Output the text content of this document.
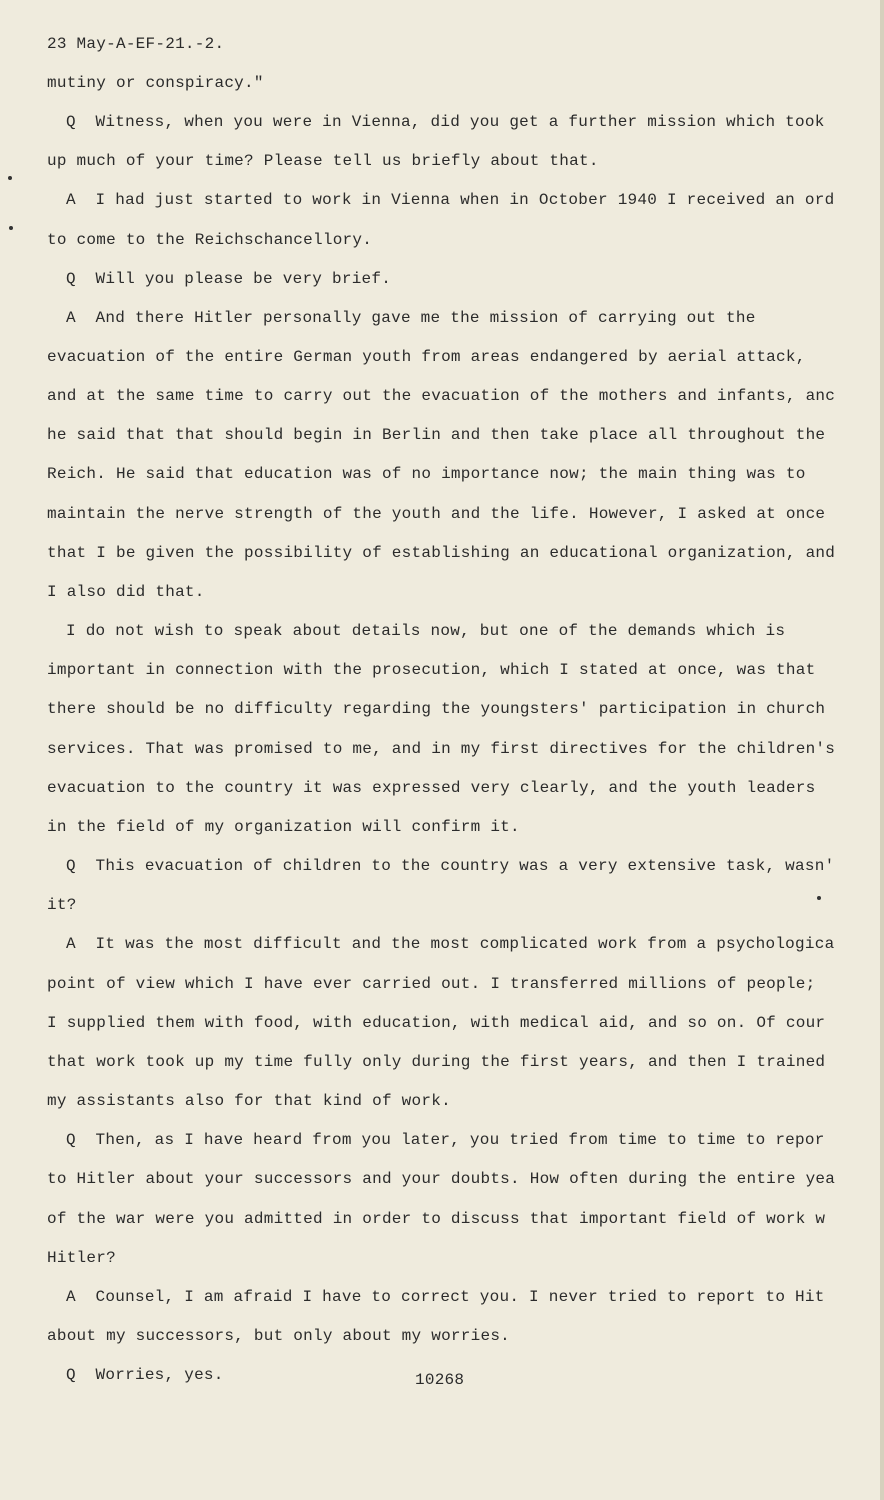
23 May-A-EF-21.-2.
mutiny or conspiracy."
Q  Witness, when you were in Vienna, did you get a further mission which took
up much of your time? Please tell us briefly about that.
A  I had just started to work in Vienna when in October 1940 I received an ord
to come to the Reichschancellory.
Q  Will you please be very brief.
A  And there Hitler personally gave me the mission of carrying out the
evacuation of the entire German youth from areas endangered by aerial attack,
and at the same time to carry out the evacuation of the mothers and infants, anc
he said that that should begin in Berlin and then take place all throughout the
Reich. He said that education was of no importance now; the main thing was to
maintain the nerve strength of the youth and the life. However, I asked at once
that I be given the possibility of establishing an educational organization, and
I also did that.
I do not wish to speak about details now, but one of the demands which is
important in connection with the prosecution, which I stated at once, was that
there should be no difficulty regarding the youngsters' participation in church
services. That was promised to me, and in my first directives for the children's
evacuation to the country it was expressed very clearly, and the youth leaders
in the field of my organization will confirm it.
Q  This evacuation of children to the country was a very extensive task, wasn'
it?
A  It was the most difficult and the most complicated work from a psychologica
point of view which I have ever carried out. I transferred millions of people;
I supplied them with food, with education, with medical aid, and so on. Of cour
that work took up my time fully only during the first years, and then I trained
my assistants also for that kind of work.
Q  Then, as I have heard from you later, you tried from time to time to repor
to Hitler about your successors and your doubts. How often during the entire yea
of the war were you admitted in order to discuss that important field of work w
Hitler?
A  Counsel, I am afraid I have to correct you. I never tried to report to Hit
about my successors, but only about my worries.
Q  Worries, yes.	10268
